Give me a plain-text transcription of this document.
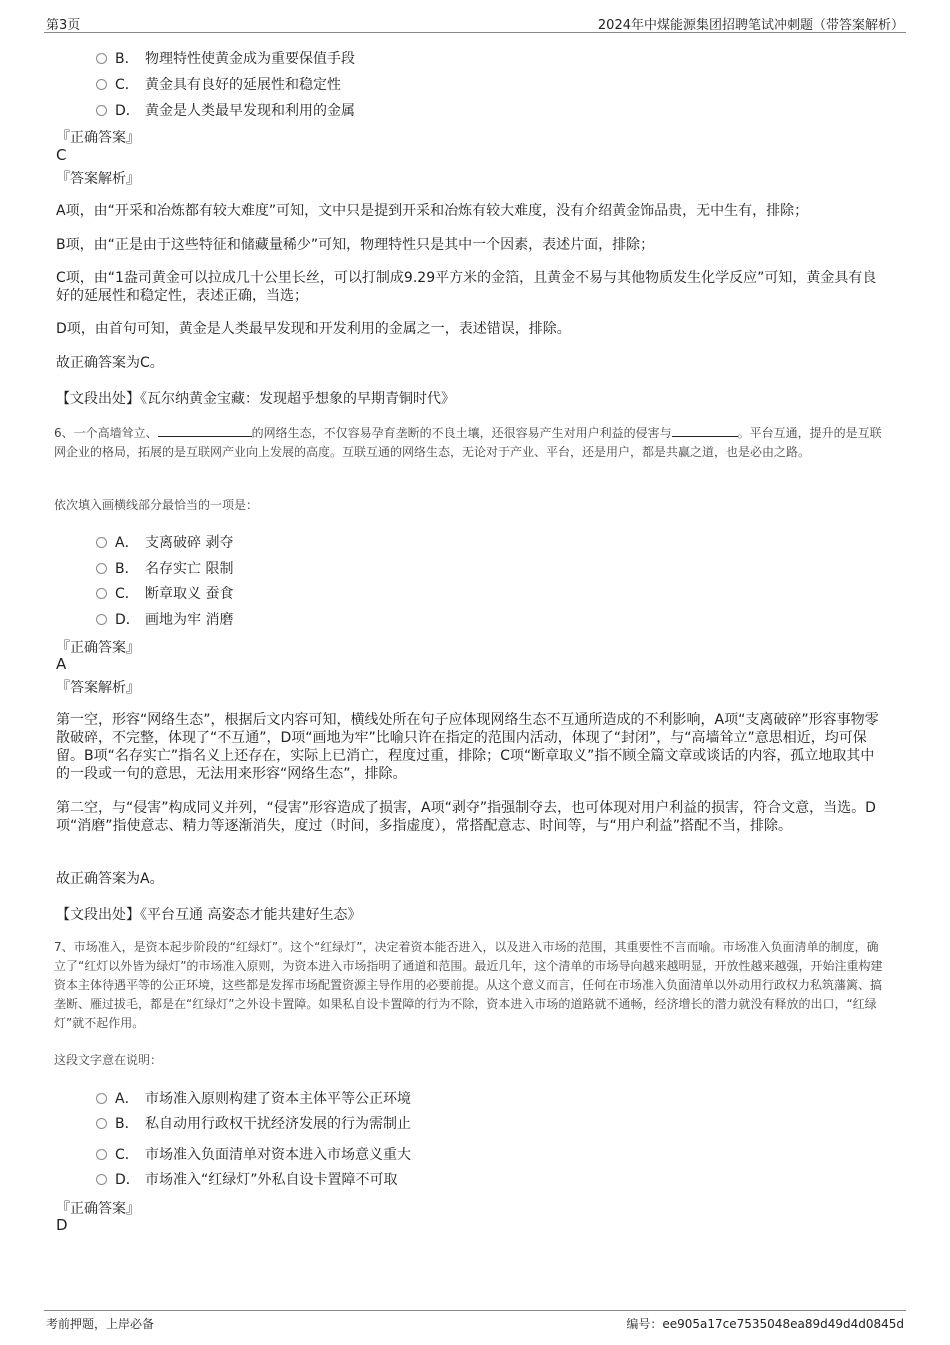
第3页	2024年中煤能源集团招聘笔试冲刺题（带答案解析）
B． 物理特性使黄金成为重要保值手段
C． 黄金具有良好的延展性和稳定性
D． 黄金是人类最早发现和利用的金属
『正确答案』
C
『答案解析』
A项，由“开采和冶炼都有较大难度”可知，文中只是提到开采和冶炼有较大难度，没有介绍黄金饰品贵，无中生有，排除；
B项，由“正是由于这些特征和储藏量稀少”可知，物理特性只是其中一个因素，表述片面，排除；
C项，由“1盎司黄金可以拉成几十公里长丝，可以打制成9.29平方米的金箔，且黄金不易与其他物质发生化学反应”可知，黄金具有良好的延展性和稳定性，表述正确，当选；
D项，由首句可知，黄金是人类最早发现和开发利用的金属之一，表述错误，排除。
故正确答案为C。
【文段出处】《瓦尔纳黄金宝藏：发现超乎想象的早期青铜时代》
6、一个高墙耸立、	的网络生态，不仅容易孕育垄断的不良土壤，还很容易产生对用户利益的侵害与	。平台互通，提升的是互联网企业的格局，拓展的是互联网产业向上发展的高度。互联互通的网络生态，无论对于产业、平台，还是用户，都是共赢之道，也是必由之路。
依次填入画横线部分最恰当的一项是：
A． 支离破碎 剥夺
B． 名存实亡 限制
C． 断章取义 蚕食
D． 画地为牢 消磨
『正确答案』
A
『答案解析』
第一空，形容“网络生态”，根据后文内容可知，横线处所在句子应体现网络生态不互通所造成的不利影响，A项“支离破碎”形容事物零散破碎，不完整，体现了“不互通”，D项“画地为牢”比喻只许在指定的范围内活动，体现了“封闭”，与“高墙耸立”意思相近，均可保留。B项“名存实亡”指名义上还存在，实际上已消亡，程度过重，排除；C项“断章取义”指不顾全篇文章或谈话的内容，孤立地取其中的一段或一句的意思，无法用来形容“网络生态”，排除。
第二空，与“侵害”构成同义并列，“侵害”形容造成了损害，A项“剥夺”指强制夺去，也可体现对用户利益的损害，符合文意，当选。D项“消磨”指使意志、精力等逐渐消失，度过（时间，多指虚度），常搭配意志、时间等，与“用户利益”搭配不当，排除。
故正确答案为A。
【文段出处】《平台互通 高姿态才能共建好生态》
7、市场准入，是资本起步阶段的“红绿灯”。这个“红绿灯”，决定着资本能否进入，以及进入市场的范围，其重要性不言而喻。市场准入负面清单的制度，确立了“红灯以外皆为绿灯”的市场准入原则，为资本进入市场指明了通道和范围。最近几年，这个清单的市场导向越来越明显，开放性越来越强，开始注重构建资本主体待遇平等的公正环境，这些都是发挥市场配置资源主导作用的必要前提。从这个意义而言，任何在市场准入负面清单以外动用行政权力私筑藩篱、搞垄断、雁过拔毛，都是在“红绿灯”之外设卡置障。如果私自设卡置障的行为不除，资本进入市场的道路就不通畅，经济增长的潜力就没有释放的出口，“红绿灯”就不起作用。
这段文字意在说明：
A． 市场准入原则构建了资本主体平等公正环境
B． 私自动用行政权干扰经济发展的行为需制止
C． 市场准入负面清单对资本进入市场意义重大
D． 市场准入“红绿灯”外私自设卡置障不可取
『正确答案』
D
考前押题，上岸必备	编号：ee905a17ce7535048ea89d49d4d0845d
